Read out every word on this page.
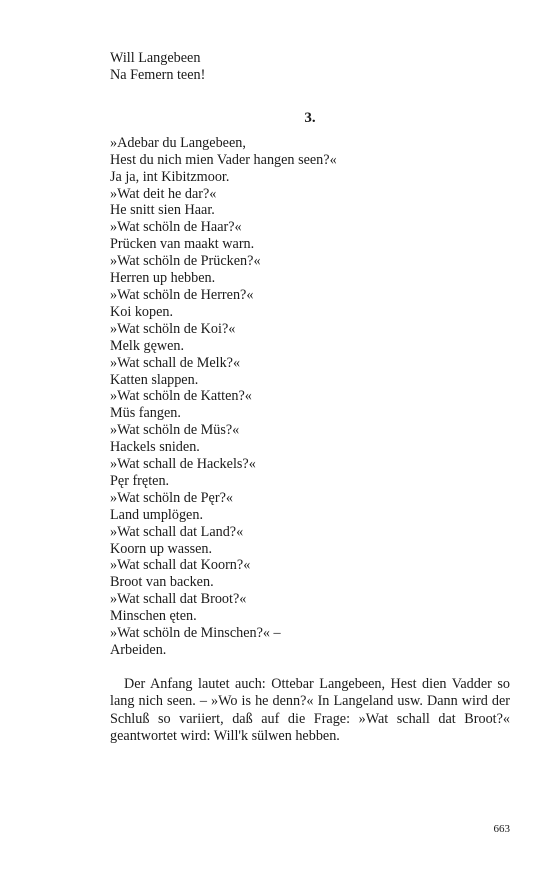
Will Langebeen
Na Femern teen!
3.
»Adebar du Langebeen,
Hest du nich mien Vader hangen seen?«
Ja ja, int Kibitzmoor.
»Wat deit he dar?«
He snitt sien Haar.
»Wat schöln de Haar?«
Prücken van maakt warn.
»Wat schöln de Prücken?«
Herren up hebben.
»Wat schöln de Herren?«
Koi kopen.
»Wat schöln de Koi?«
Melk gęwen.
»Wat schall de Melk?«
Katten slappen.
»Wat schöln de Katten?«
Müs fangen.
»Wat schöln de Müs?«
Hackels sniden.
»Wat schall de Hackels?«
Pęr fręten.
»Wat schöln de Pęr?«
Land umplögen.
»Wat schall dat Land?«
Koorn up wassen.
»Wat schall dat Koorn?«
Broot van backen.
»Wat schall dat Broot?«
Minschen ęten.
»Wat schöln de Minschen?« –
Arbeiden.

Der Anfang lautet auch: Ottebar Langebeen, Hest dien Vadder so lang nich seen. – »Wo is he denn?« In Langeland usw. Dann wird der Schluß so variiert, daß auf die Frage: »Wat schall dat Broot?« geantwortet wird: Will'k sülwen hebben.

663
